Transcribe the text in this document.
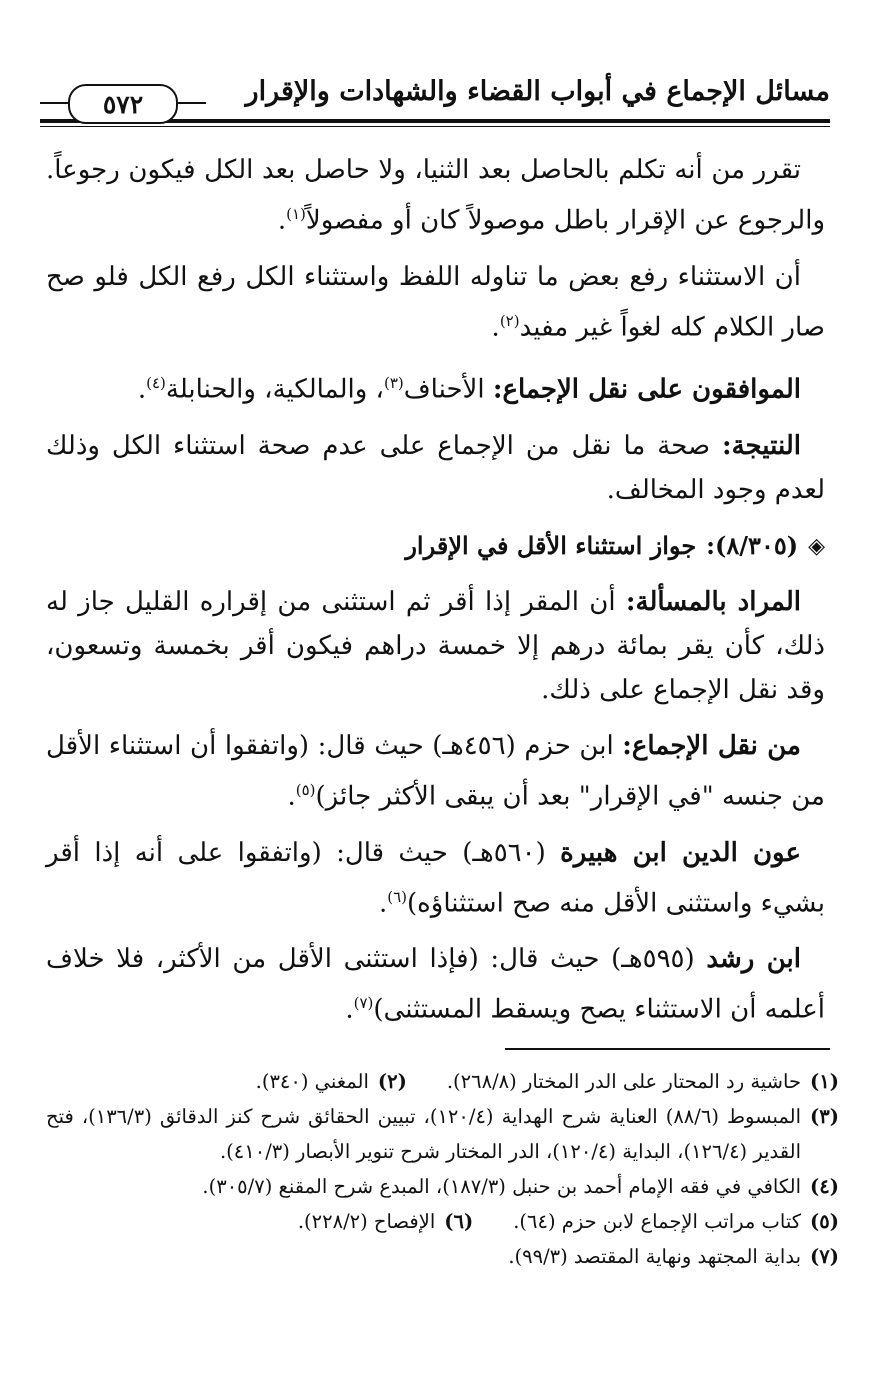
مسائل الإجماع في أبواب القضاء والشهادات والإقرار
٥٧٢

تقرر من أنه تكلم بالحاصل بعد الثنيا، ولا حاصل بعد الكل فيكون رجوعاً. والرجوع عن الإقرار باطل موصولاً كان أو مفصولاً$^{(١)}$.

أن الاستثناء رفع بعض ما تناوله اللفظ واستثناء الكل رفع الكل فلو صح صار الكلام كله لغواً غير مفيد$^{(٢)}$.

الموافقون على نقل الإجماع: الأحناف$^{(٣)}$، والمالكية، والحنابلة$^{(٤)}$.

النتيجة: صحة ما نقل من الإجماع على عدم صحة استثناء الكل وذلك لعدم وجود المخالف.

◈
(٨/٣٠٥):
جواز استثناء الأقل في الإقرار

المراد بالمسألة: أن المقر إذا أقر ثم استثنى من إقراره القليل جاز له ذلك، كأن يقر بمائة درهم إلا خمسة دراهم فيكون أقر بخمسة وتسعون، وقد نقل الإجماع على ذلك.

من نقل الإجماع: ابن حزم (٤٥٦هـ) حيث قال: (واتفقوا أن استثناء الأقل من جنسه "في الإقرار" بعد أن يبقى الأكثر جائز)$^{(٥)}$.

عون الدين ابن هبيرة (٥٦٠هـ) حيث قال: (واتفقوا على أنه إذا أقر بشيء واستثنى الأقل منه صح استثناؤه)$^{(٦)}$.

ابن رشد (٥٩٥هـ) حيث قال: (فإذا استثنى الأقل من الأكثر، فلا خلاف أعلمه أن الاستثناء يصح ويسقط المستثنى)$^{(٧)}$.

(١)
حاشية رد المحتار على الدر المختار (٢٦٨/٨).
(٢)
المغني (٣٤٠).
(٣)
المبسوط (٨٨/٦) العناية شرح الهداية (١٢٠/٤)، تبيين الحقائق شرح كنز الدقائق (١٣٦/٣)، فتح القدير (١٢٦/٤)، البداية (١٢٠/٤)، الدر المختار شرح تنوير الأبصار (٤١٠/٣).
(٤)
الكافي في فقه الإمام أحمد بن حنبل (١٨٧/٣)، المبدع شرح المقنع (٣٠٥/٧).
(٥)
كتاب مراتب الإجماع لابن حزم (٦٤).
(٦)
الإفصاح (٢٢٨/٢).
(٧)
بداية المجتهد ونهاية المقتصد (٩٩/٣).
